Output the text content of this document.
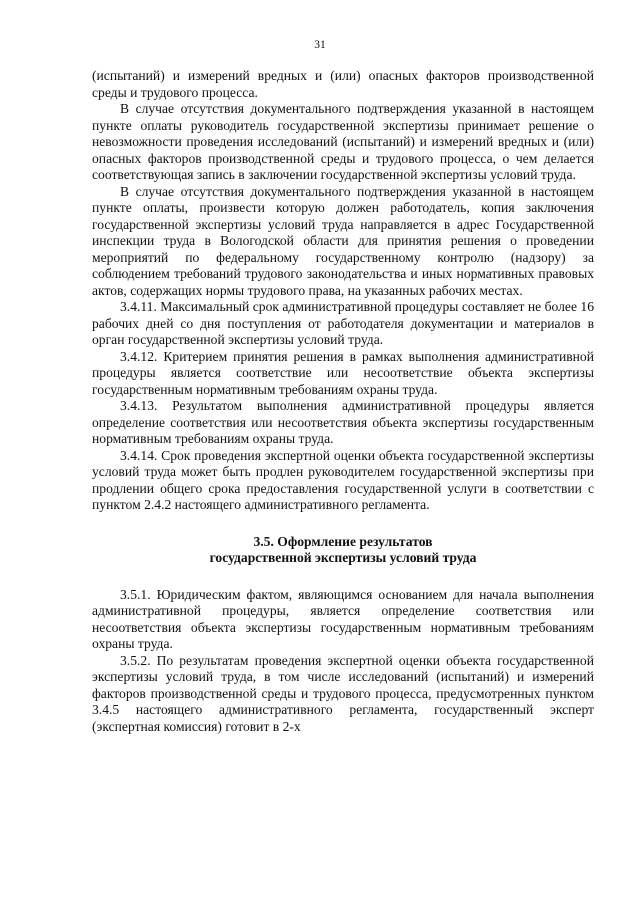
31

(испытаний) и измерений вредных и (или) опасных факторов производственной среды и трудового процесса.

В случае отсутствия документального подтверждения указанной в настоящем пункте оплаты руководитель государственной экспертизы принимает решение о невозможности проведения исследований (испытаний) и измерений вредных и (или) опасных факторов производственной среды и трудового процесса, о чем делается соответствующая запись в заключении государственной экспертизы условий труда.

В случае отсутствия документального подтверждения указанной в настоящем пункте оплаты, произвести которую должен работодатель, копия заключения государственной экспертизы условий труда направляется в адрес Государственной инспекции труда в Вологодской области для принятия решения о проведении мероприятий по федеральному государственному контролю (надзору) за соблюдением требований трудового законодательства и иных нормативных правовых актов, содержащих нормы трудового права, на указанных рабочих местах.

3.4.11. Максимальный срок административной процедуры составляет не более 16 рабочих дней со дня поступления от работодателя документации и материалов в орган государственной экспертизы условий труда.

3.4.12. Критерием принятия решения в рамках выполнения административной процедуры является соответствие или несоответствие объекта экспертизы государственным нормативным требованиям охраны труда.

3.4.13. Результатом выполнения административной процедуры является определение соответствия или несоответствия объекта экспертизы государственным нормативным требованиям охраны труда.

3.4.14. Срок проведения экспертной оценки объекта государственной экспертизы условий труда может быть продлен руководителем государственной экспертизы при продлении общего срока предоставления государственной услуги в соответствии с пунктом 2.4.2 настоящего административного регламента.

3.5. Оформление результатов
государственной экспертизы условий труда

3.5.1. Юридическим фактом, являющимся основанием для начала выполнения административной процедуры, является определение соответствия или несоответствия объекта экспертизы государственным нормативным требованиям охраны труда.

3.5.2. По результатам проведения экспертной оценки объекта государственной экспертизы условий труда, в том числе исследований (испытаний) и измерений факторов производственной среды и трудового процесса, предусмотренных пунктом 3.4.5 настоящего административного регламента, государственный эксперт (экспертная комиссия) готовит в 2-х
